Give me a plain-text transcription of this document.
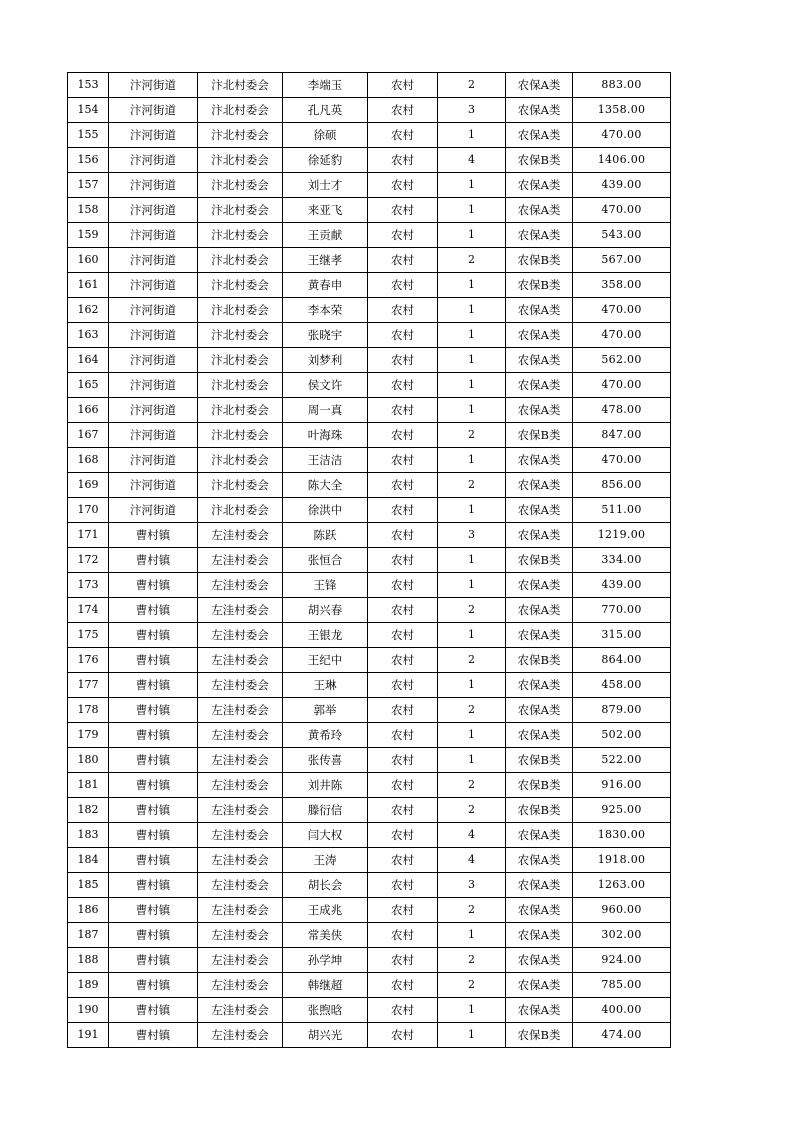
153	汴河街道	汴北村委会	李端玉	农村	2	农保A类	883.00
154	汴河街道	汴北村委会	孔凡英	农村	3	农保A类	1358.00
155	汴河街道	汴北村委会	徐硕	农村	1	农保A类	470.00
156	汴河街道	汴北村委会	徐延豹	农村	4	农保B类	1406.00
157	汴河街道	汴北村委会	刘士才	农村	1	农保A类	439.00
158	汴河街道	汴北村委会	来亚飞	农村	1	农保A类	470.00
159	汴河街道	汴北村委会	王贡献	农村	1	农保A类	543.00
160	汴河街道	汴北村委会	王继孝	农村	2	农保B类	567.00
161	汴河街道	汴北村委会	黄春申	农村	1	农保B类	358.00
162	汴河街道	汴北村委会	李本荣	农村	1	农保A类	470.00
163	汴河街道	汴北村委会	张晓宇	农村	1	农保A类	470.00
164	汴河街道	汴北村委会	刘梦利	农村	1	农保A类	562.00
165	汴河街道	汴北村委会	侯文许	农村	1	农保A类	470.00
166	汴河街道	汴北村委会	周一真	农村	1	农保A类	478.00
167	汴河街道	汴北村委会	叶海珠	农村	2	农保B类	847.00
168	汴河街道	汴北村委会	王洁洁	农村	1	农保A类	470.00
169	汴河街道	汴北村委会	陈大全	农村	2	农保A类	856.00
170	汴河街道	汴北村委会	徐洪中	农村	1	农保A类	511.00
171	曹村镇	左洼村委会	陈跃	农村	3	农保A类	1219.00
172	曹村镇	左洼村委会	张恒合	农村	1	农保B类	334.00
173	曹村镇	左洼村委会	王锋	农村	1	农保A类	439.00
174	曹村镇	左洼村委会	胡兴春	农村	2	农保A类	770.00
175	曹村镇	左洼村委会	王银龙	农村	1	农保A类	315.00
176	曹村镇	左洼村委会	王纪中	农村	2	农保B类	864.00
177	曹村镇	左洼村委会	王琳	农村	1	农保A类	458.00
178	曹村镇	左洼村委会	郭举	农村	2	农保A类	879.00
179	曹村镇	左洼村委会	黄希玲	农村	1	农保A类	502.00
180	曹村镇	左洼村委会	张传喜	农村	1	农保B类	522.00
181	曹村镇	左洼村委会	刘井陈	农村	2	农保B类	916.00
182	曹村镇	左洼村委会	滕衍信	农村	2	农保B类	925.00
183	曹村镇	左洼村委会	闫大权	农村	4	农保A类	1830.00
184	曹村镇	左洼村委会	王涛	农村	4	农保A类	1918.00
185	曹村镇	左洼村委会	胡长会	农村	3	农保A类	1263.00
186	曹村镇	左洼村委会	王成兆	农村	2	农保A类	960.00
187	曹村镇	左洼村委会	常美侠	农村	1	农保A类	302.00
188	曹村镇	左洼村委会	孙学坤	农村	2	农保A类	924.00
189	曹村镇	左洼村委会	韩继超	农村	2	农保A类	785.00
190	曹村镇	左洼村委会	张煦晗	农村	1	农保A类	400.00
191	曹村镇	左洼村委会	胡兴光	农村	1	农保B类	474.00
